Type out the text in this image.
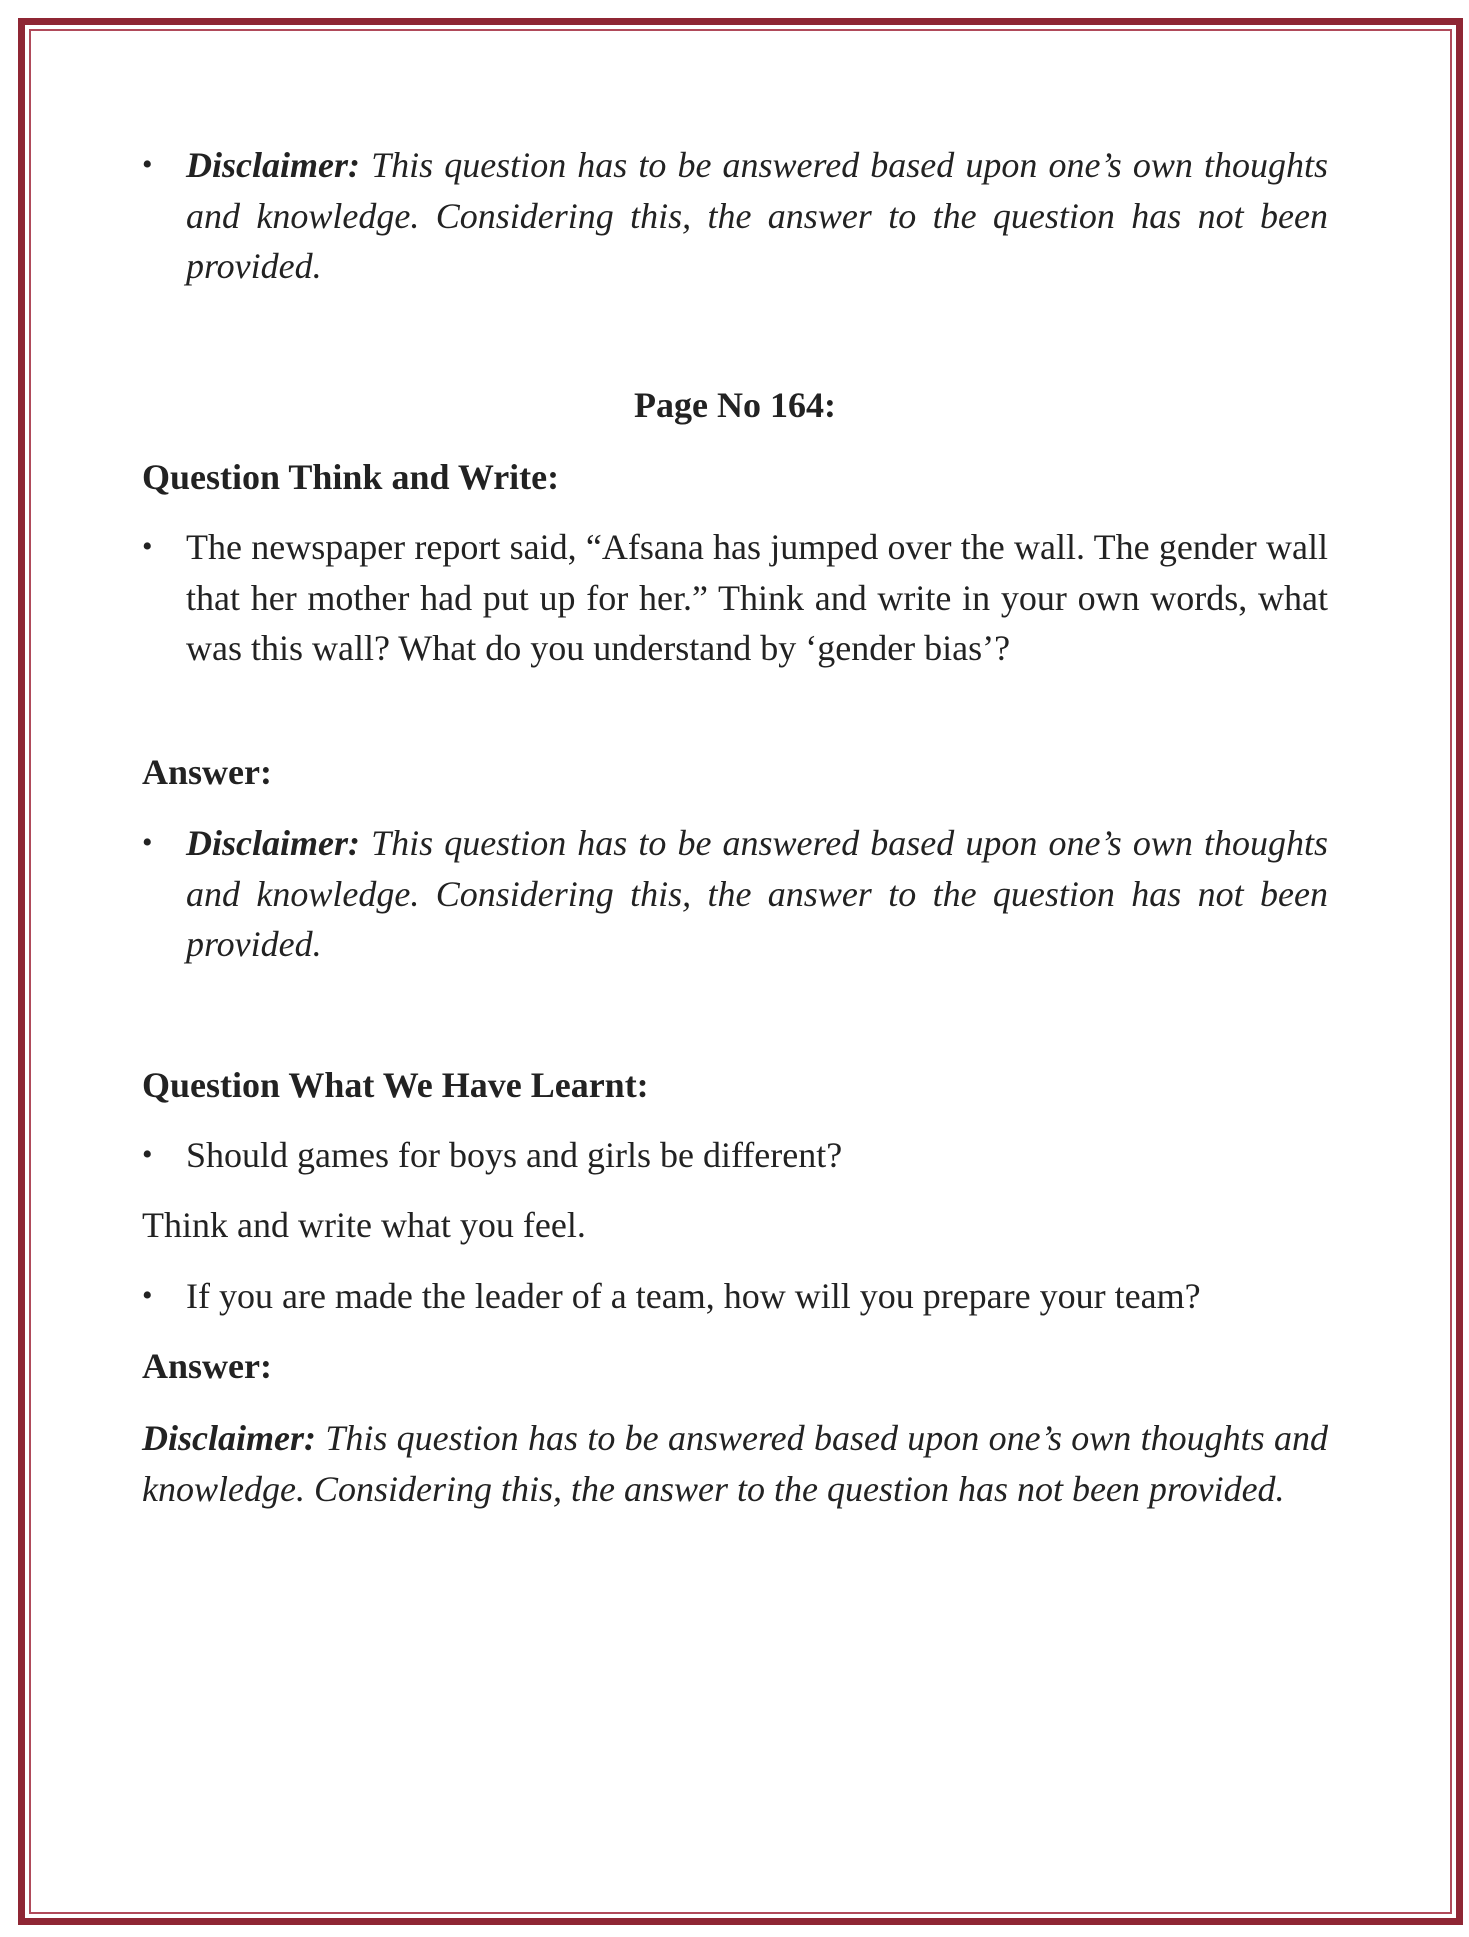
• Disclaimer: This question has to be answered based upon one’s own thoughts and knowledge. Considering this, the answer to the question has not been provided.
Page No 164:
Question Think and Write:
• The newspaper report said, “Afsana has jumped over the wall. The gender wall that her mother had put up for her.” Think and write in your own words, what was this wall? What do you understand by ‘gender bias’?
Answer:
• Disclaimer: This question has to be answered based upon one’s own thoughts and knowledge. Considering this, the answer to the question has not been provided.
Question What We Have Learnt:
• Should games for boys and girls be different?
Think and write what you feel.
• If you are made the leader of a team, how will you prepare your team?
Answer:
Disclaimer: This question has to be answered based upon one’s own thoughts and knowledge. Considering this, the answer to the question has not been provided.
